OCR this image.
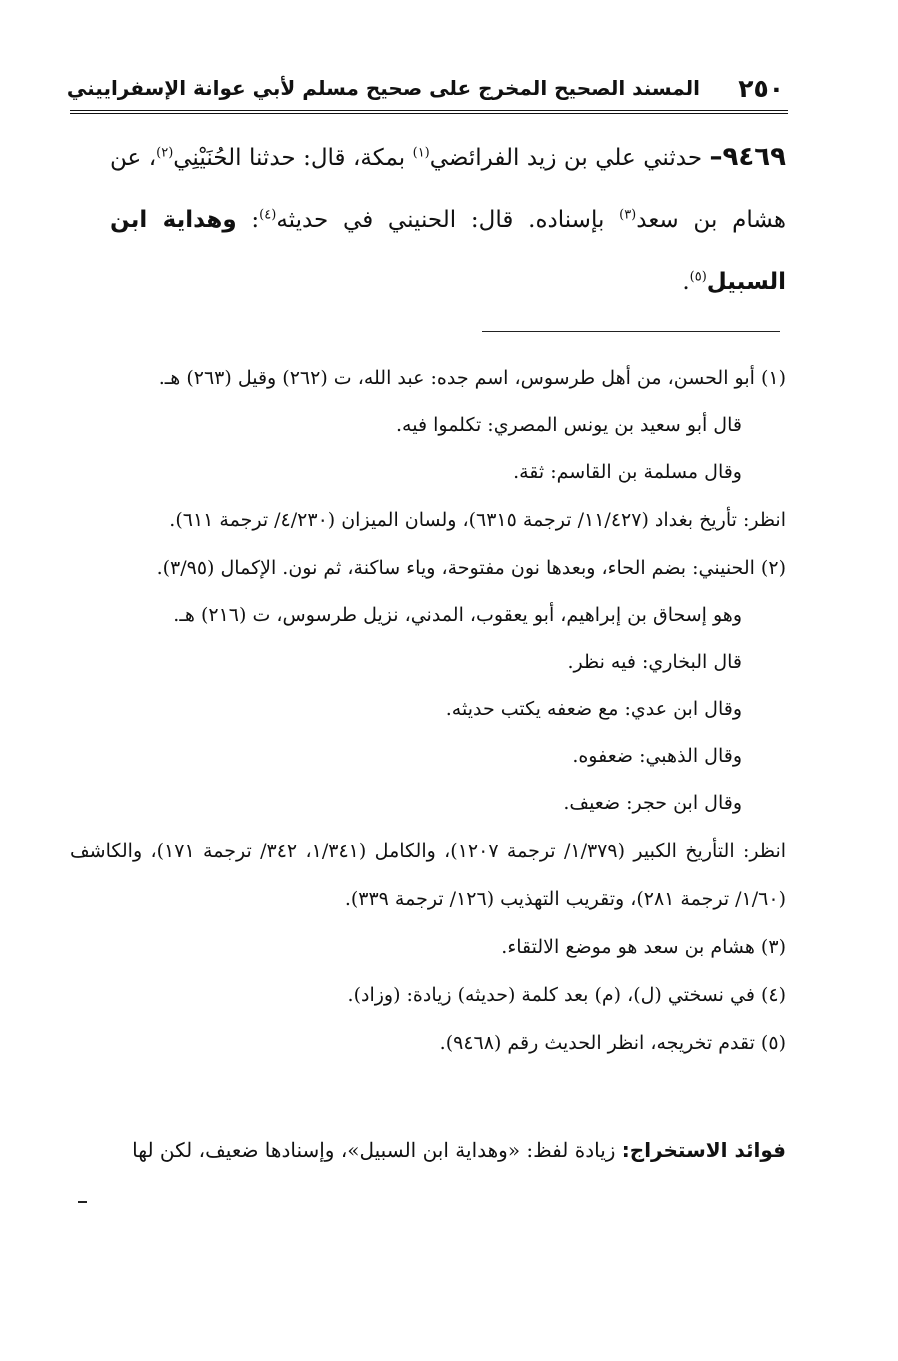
٢٥٠
المسند الصحيح المخرج على صحيح مسلم لأبي عوانة الإسفراييني
٩٤٦٩– حدثني علي بن زيد الفرائضي$^{(١)}$ بمكة، قال: حدثنا الحُنَيْنِي$^{(٢)}$، عن هشام بن سعد$^{(٣)}$ بإسناده. قال: الحنيني في حديثه$^{(٤)}$: وهداية ابن السبيل$^{(٥)}$.
(١) أبو الحسن، من أهل طرسوس، اسم جده: عبد الله، ت (٢٦٢) وقيل (٢٦٣) هـ.
قال أبو سعيد بن يونس المصري: تكلموا فيه.
وقال مسلمة بن القاسم: ثقة.
انظر: تأريخ بغداد (١١/٤٢٧/ ترجمة ٦٣١٥)، ولسان الميزان (٤/٢٣٠/ ترجمة ٦١١).
(٢) الحنيني: بضم الحاء، وبعدها نون مفتوحة، وياء ساكنة، ثم نون. الإكمال (٣/٩٥).
وهو إسحاق بن إبراهيم، أبو يعقوب، المدني، نزيل طرسوس، ت (٢١٦) هـ.
قال البخاري: فيه نظر.
وقال ابن عدي: مع ضعفه يكتب حديثه.
وقال الذهبي: ضعفوه.
وقال ابن حجر: ضعيف.
انظر: التأريخ الكبير (١/٣٧٩/ ترجمة ١٢٠٧)، والكامل (١/٣٤١، ٣٤٢/ ترجمة ١٧١)، والكاشف (١/٦٠/ ترجمة ٢٨١)، وتقريب التهذيب (١٢٦/ ترجمة ٣٣٩).
(٣) هشام بن سعد هو موضع الالتقاء.
(٤) في نسختي (ل)، (م) بعد كلمة (حديثه) زيادة: (وزاد).
(٥) تقدم تخريجه، انظر الحديث رقم (٩٤٦٨).
فوائد الاستخراج: زيادة لفظ: «وهداية ابن السبيل»، وإسنادها ضعيف، لكن لها
